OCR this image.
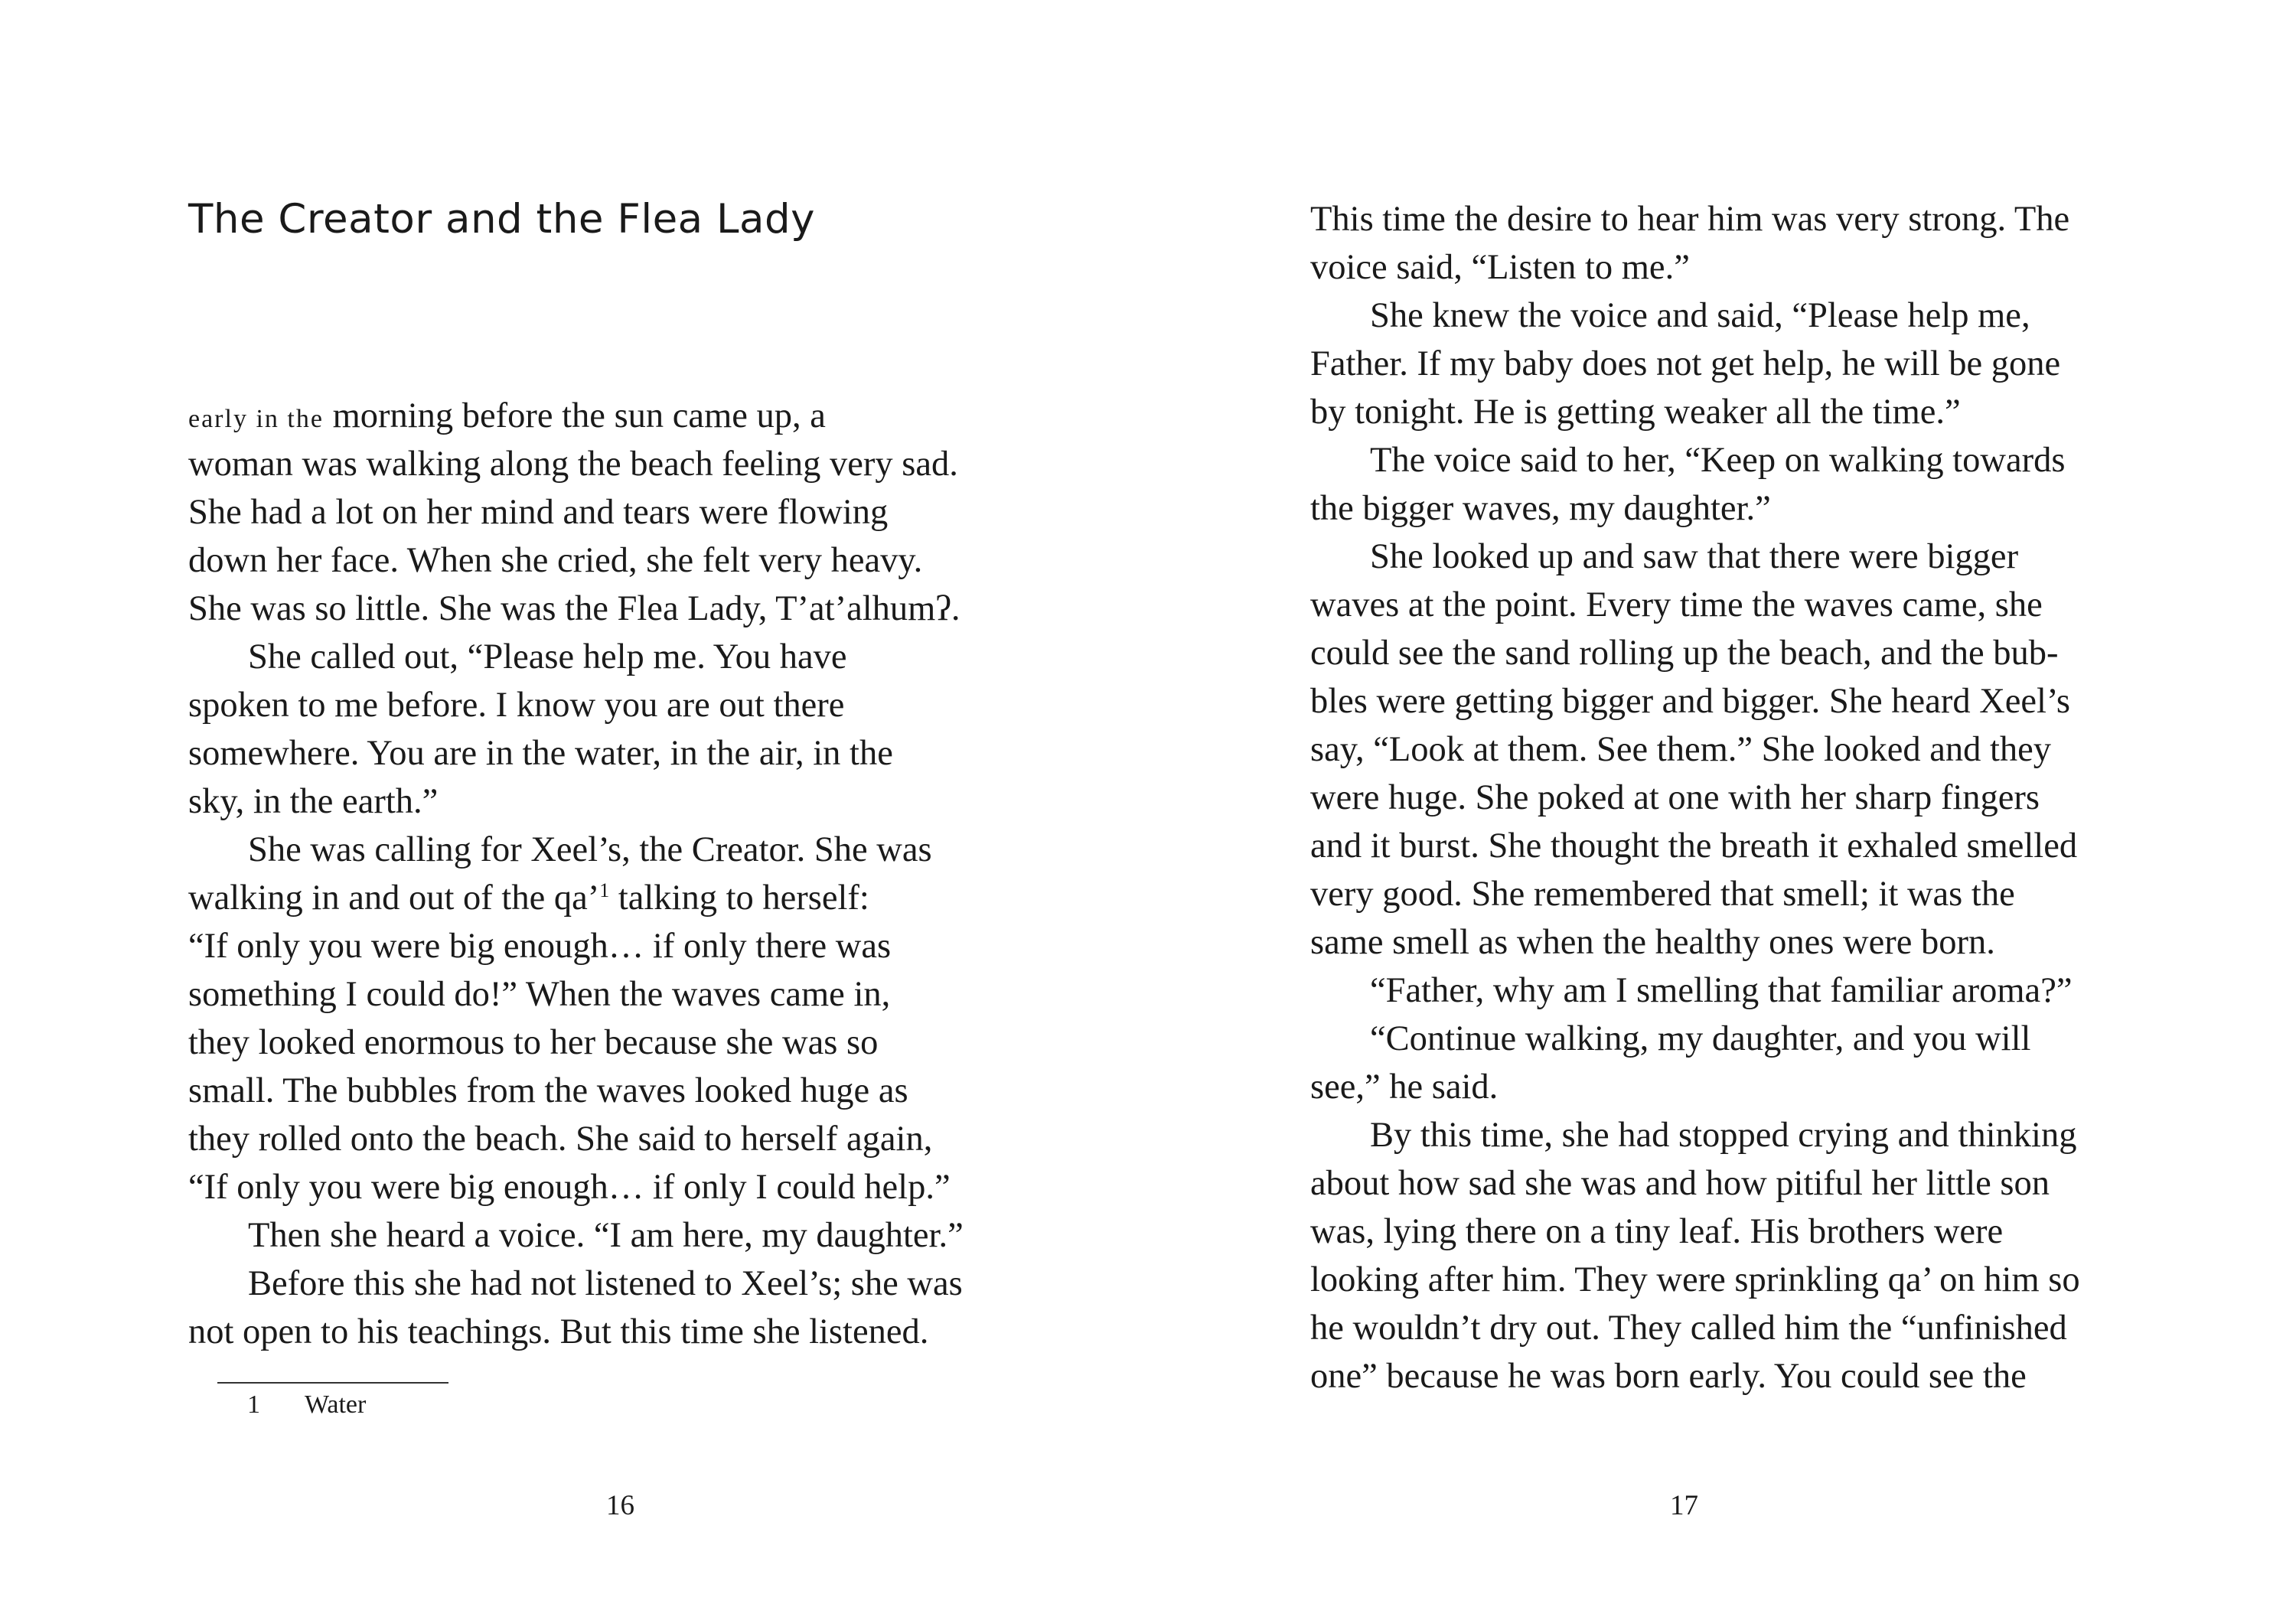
The Creator and the Flea Lady
early in the morning before the sun came up, a
woman was walking along the beach feeling very sad.
She had a lot on her mind and tears were flowing
down her face. When she cried, she felt very heavy.
She was so little. She was the Flea Lady, T’at’alhumʔ.
She called out, “Please help me. You have
spoken to me before. I know you are out there
somewhere. You are in the water, in the air, in the
sky, in the earth.”
She was calling for Xeel’s, the Creator. She was
walking in and out of the qa’$^1$ talking to herself:
“If only you were big enough… if only there was
something I could do!” When the waves came in,
they looked enormous to her because she was so
small. The bubbles from the waves looked huge as
they rolled onto the beach. She said to herself again,
“If only you were big enough… if only I could help.”
Then she heard a voice. “I am here, my daughter.”
Before this she had not listened to Xeel’s; she was
not open to his teachings. But this time she listened.
1 Water
16
This time the desire to hear him was very strong. The
voice said, “Listen to me.”
She knew the voice and said, “Please help me,
Father. If my baby does not get help, he will be gone
by tonight. He is getting weaker all the time.”
The voice said to her, “Keep on walking towards
the bigger waves, my daughter.”
She looked up and saw that there were bigger
waves at the point. Every time the waves came, she
could see the sand rolling up the beach, and the bub-
bles were getting bigger and bigger. She heard Xeel’s
say, “Look at them. See them.” She looked and they
were huge. She poked at one with her sharp fingers
and it burst. She thought the breath it exhaled smelled
very good. She remembered that smell; it was the
same smell as when the healthy ones were born.
“Father, why am I smelling that familiar aroma?”
“Continue walking, my daughter, and you will
see,” he said.
By this time, she had stopped crying and thinking
about how sad she was and how pitiful her little son
was, lying there on a tiny leaf. His brothers were
looking after him. They were sprinkling qa’ on him so
he wouldn’t dry out. They called him the “unfinished
one” because he was born early. You could see the
17
